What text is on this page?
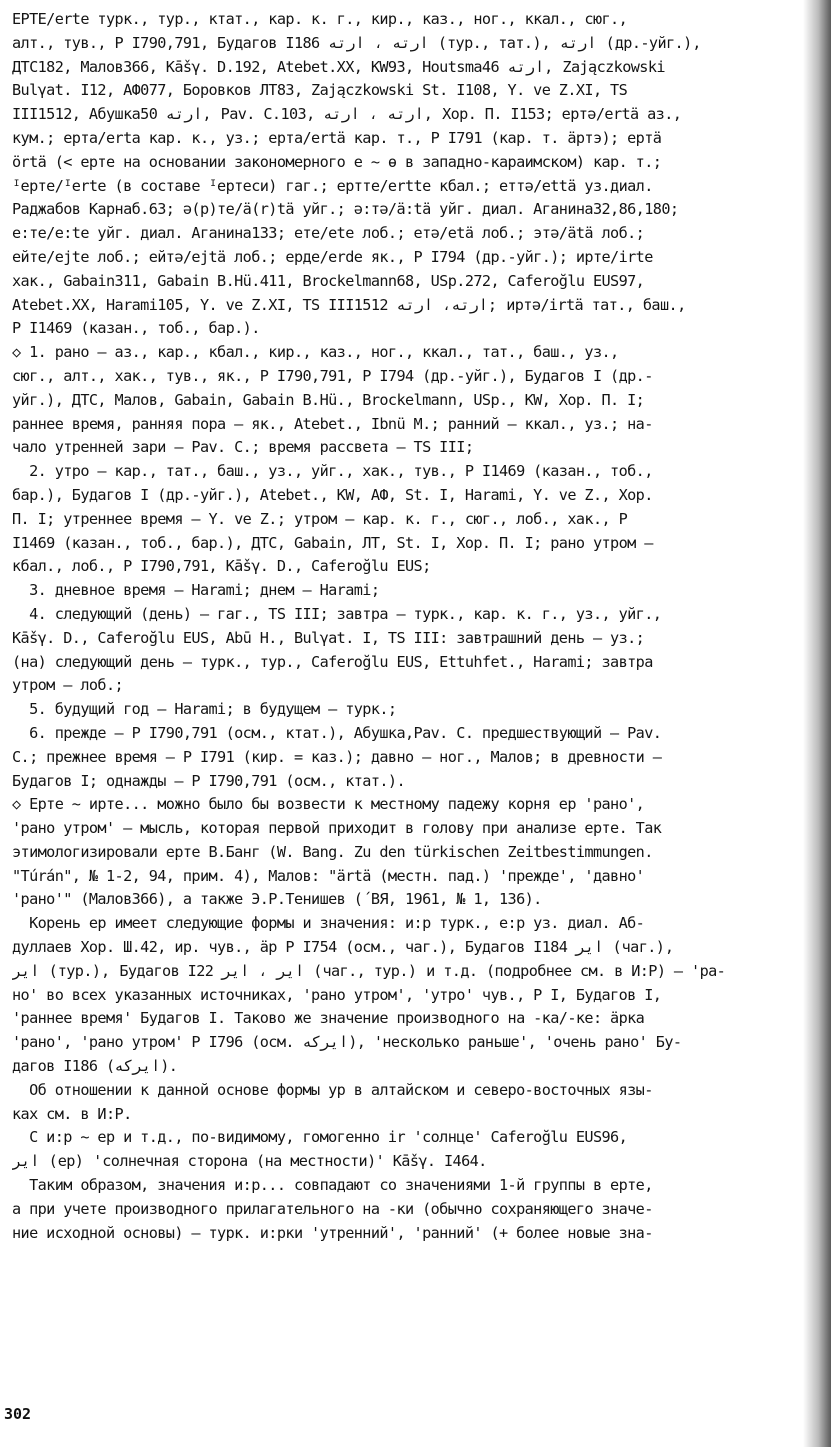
ЕРТЕ/erte турк., тур., ктат., кар. к. г., кир., каз., ног., ккал., сюг.,
алт., тув., Р I790,791, Будагов I186 ارته ، ارته (тур., тат.), ارته (др.-уйг.),
ДТС182, Малов366, Kāšγ. D.192, Atebet.XX, KW93, Houtsma46 ارته, Zajączkowski
Bulγat. I12, АФ077, Боровков ЛТ83, Zajączkowski St. I108, Y. ve Z.XI, TS
III1512, Абушка50 ارته, Pav. C.103, ارته ، ارته, Хор. П. I153; ертә/ertä аз.,
кум.; ерта/erta кар. к., уз.; ерта/ertä кар. т., Р I791 (кар. т. äртэ); ертä
örtä (< ерте на основании закономерного е ~ ө в западно-караимском) кар. т.;
ᴵерте/ᴵerte (в составе ᴵертеси) гаг.; ертте/ertte кбал.; еттә/että уз.диал.
Раджабов Карнаб.63; ә(р)те/ä(r)tä уйг.; ә:тә/ä:tä уйг. диал. Аганина32,86,180;
е:те/e:te уйг. диал. Аганина133; ете/ete лоб.; етә/etä лоб.; этә/ätä лоб.;
ейте/ejte лоб.; ейтә/ejtä лоб.; ерде/erde як., Р I794 (др.-уйг.); ирте/irte
хак., Gabain311, Gabain B.Hü.411, Brockelmann68, USp.272, Caferoğlu EUS97,
Atebet.XX, Harami105, Y. ve Z.XI, TS III1512 ارته، ارته; иртә/irtä тат., баш.,
Р I1469 (казан., тоб., бар.).
◇ 1. рано – аз., кар., кбал., кир., каз., ног., ккал., тат., баш., уз.,
сюг., алт., хак., тув., як., Р I790,791, Р I794 (др.-уйг.), Будагов I (др.-
уйг.), ДТС, Малов, Gabain, Gabain B.Hü., Brockelmann, USp., KW, Хор. П. I;
раннее время, ранняя пора – як., Atebet., Ibnü M.; ранний – ккал., уз.; на-
чало утренней зари – Pav. C.; время рассвета – TS III;
2. утро – кар., тат., баш., уз., уйг., хак., тув., Р I1469 (казан., тоб.,
бар.), Будагов I (др.-уйг.), Atebet., KW, АФ, St. I, Harami, Y. ve Z., Хор.
П. I; утреннее время – Y. ve Z.; утром – кар. к. г., сюг., лоб., хак., Р
I1469 (казан., тоб., бар.), ДТС, Gabain, ЛТ, St. I, Хор. П. I; рано утром –
кбал., лоб., Р I790,791, Kāšγ. D., Caferoğlu EUS;
3. дневное время – Harami; днем – Harami;
4. следующий (день) – гаг., TS III; завтра – турк., кар. к. г., уз., уйг.,
Kāšγ. D., Caferoğlu EUS, Abū H., Bulγat. I, TS III: завтрашний день – уз.;
(на) следующий день – турк., тур., Caferoğlu EUS, Ettuhfet., Harami; завтра
утром – лоб.;
5. будущий год – Harami; в будущем – турк.;
6. прежде – Р I790,791 (осм., ктат.), Абушка,Pav. C. предшествующий – Pav.
C.; прежнее время – Р I791 (кир. = каз.); давно – ног., Малов; в древности –
Будагов I; однажды – Р I790,791 (осм., ктат.).
◇ Ерте ~ ирте... можно было бы возвести к местному падежу корня ер 'рано',
'рано утром' – мысль, которая первой приходит в голову при анализе ерте. Так
этимологизировали ерте В.Банг (W. Bang. Zu den türkischen Zeitbestimmungen.
"Túrán", № 1-2, 94, прим. 4), Малов: "ärtä (местн. пад.) 'прежде', 'давно'
'рано'" (Малов366), а также Э.Р.Тенишев (́ ВЯ, 1961, № 1, 136).
Корень ер имеет следующие формы и значения: и:р турк., е:р уз. диал. Аб-
дуллаев Хор. Ш.42, ир. чув., äр Р I754 (осм., чаг.), Будагов I184 ایر (чаг.),
ایر (тур.), Будагов I22 ایر ، ایر (чаг., тур.) и т.д. (подробнее см. в И:Р) – 'ра-
но' во всех указанных источниках, 'рано утром', 'утро' чув., Р I, Будагов I,
'раннее время' Будагов I. Таково же значение производного на -ка/-ке: äрка
'рано', 'рано утром' Р I796 (осм. ایرکه), 'несколько раньше', 'очень рано' Бу-
дагов I186 (ایرکه).
Об отношении к данной основе формы ур в алтайском и северо-восточных язы-
ках см. в И:Р.
С и:р ~ ер и т.д., по-видимому, гомогенно ir 'солнце' Caferoğlu EUS96,
ایر (ер) 'солнечная сторона (на местности)' Kāšγ. I464.
Таким образом, значения и:р... совпадают со значениями 1-й группы в ерте,
а при учете производного прилагательного на -ки (обычно сохраняющего значе-
ние исходной основы) – турк. и:рки 'утренний', 'ранний' (+ более новые зна-
302
